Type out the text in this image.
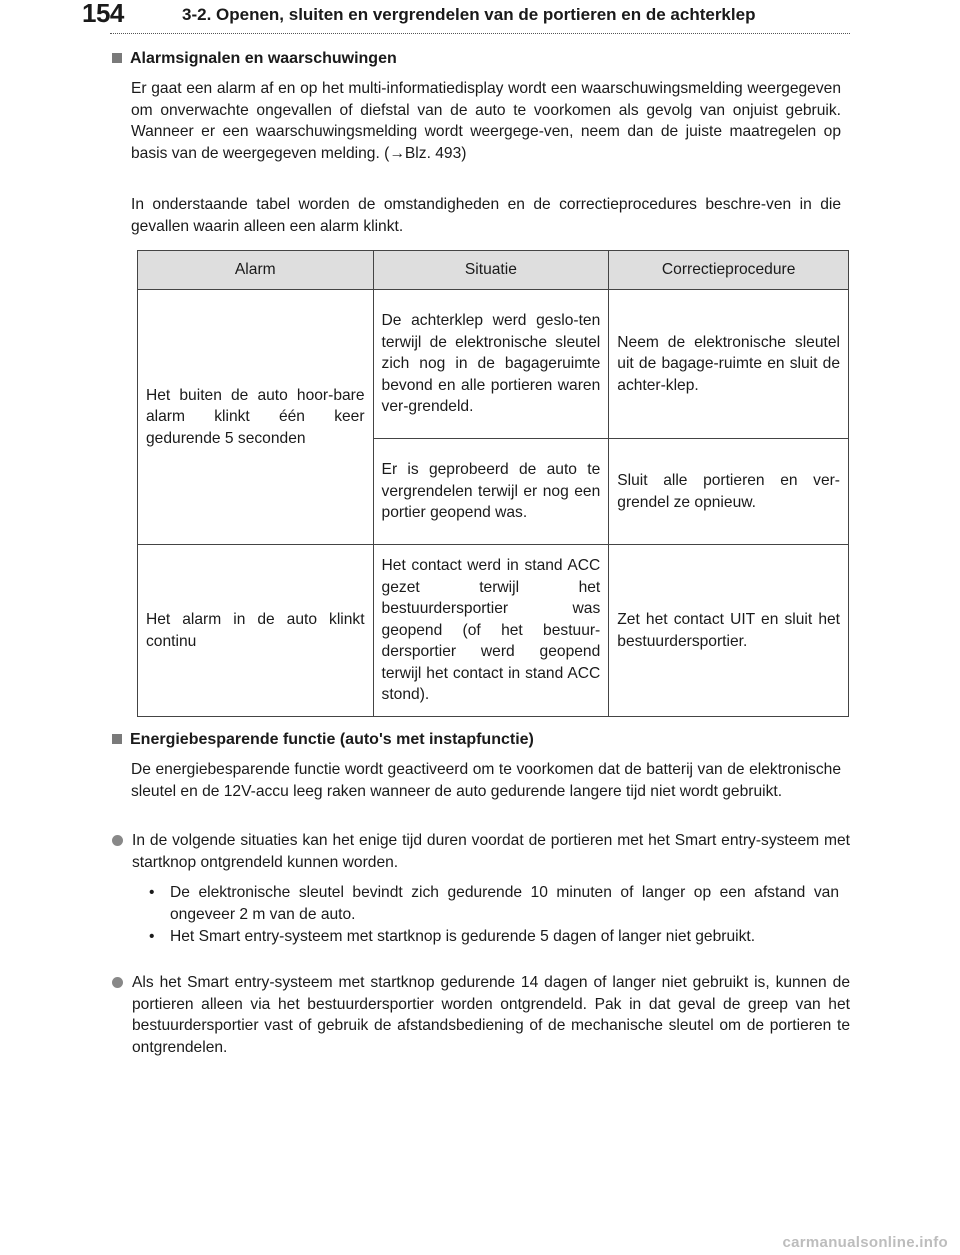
154	3-2. Openen, sluiten en vergrendelen van de portieren en de achterklep
Alarmsignalen en waarschuwingen
Er gaat een alarm af en op het multi-informatiedisplay wordt een waarschuwingsmelding weergegeven om onverwachte ongevallen of diefstal van de auto te voorkomen als gevolg van onjuist gebruik. Wanneer er een waarschuwingsmelding wordt weergege-ven, neem dan de juiste maatregelen op basis van de weergegeven melding. (→Blz. 493)
In onderstaande tabel worden de omstandigheden en de correctieprocedures beschre-ven in die gevallen waarin alleen een alarm klinkt.
Alarm	Situatie	Correctieprocedure
Het buiten de auto hoor-bare alarm klinkt één keer gedurende 5 seconden	De achterklep werd geslo-ten terwijl de elektronische sleutel zich nog in de bagageruimte bevond en alle portieren waren ver-grendeld.	Neem de elektronische sleutel uit de bagage-ruimte en sluit de achter-klep.
	Er is geprobeerd de auto te vergrendelen terwijl er nog een portier geopend was.	Sluit alle portieren en ver-grendel ze opnieuw.
Het alarm in de auto klinkt continu	Het contact werd in stand ACC gezet terwijl het bestuurdersportier was geopend (of het bestuur-dersportier werd geopend terwijl het contact in stand ACC stond).	Zet het contact UIT en sluit het bestuurdersportier.
Energiebesparende functie (auto's met instapfunctie)
De energiebesparende functie wordt geactiveerd om te voorkomen dat de batterij van de elektronische sleutel en de 12V-accu leeg raken wanneer de auto gedurende langere tijd niet wordt gebruikt.
In de volgende situaties kan het enige tijd duren voordat de portieren met het Smart entry-systeem met startknop ontgrendeld kunnen worden.
• De elektronische sleutel bevindt zich gedurende 10 minuten of langer op een afstand van ongeveer 2 m van de auto.
• Het Smart entry-systeem met startknop is gedurende 5 dagen of langer niet gebruikt.
Als het Smart entry-systeem met startknop gedurende 14 dagen of langer niet gebruikt is, kunnen de portieren alleen via het bestuurdersportier worden ontgrendeld. Pak in dat geval de greep van het bestuurdersportier vast of gebruik de afstandsbediening of de mechanische sleutel om de portieren te ontgrendelen.
carmanualsonline.info
